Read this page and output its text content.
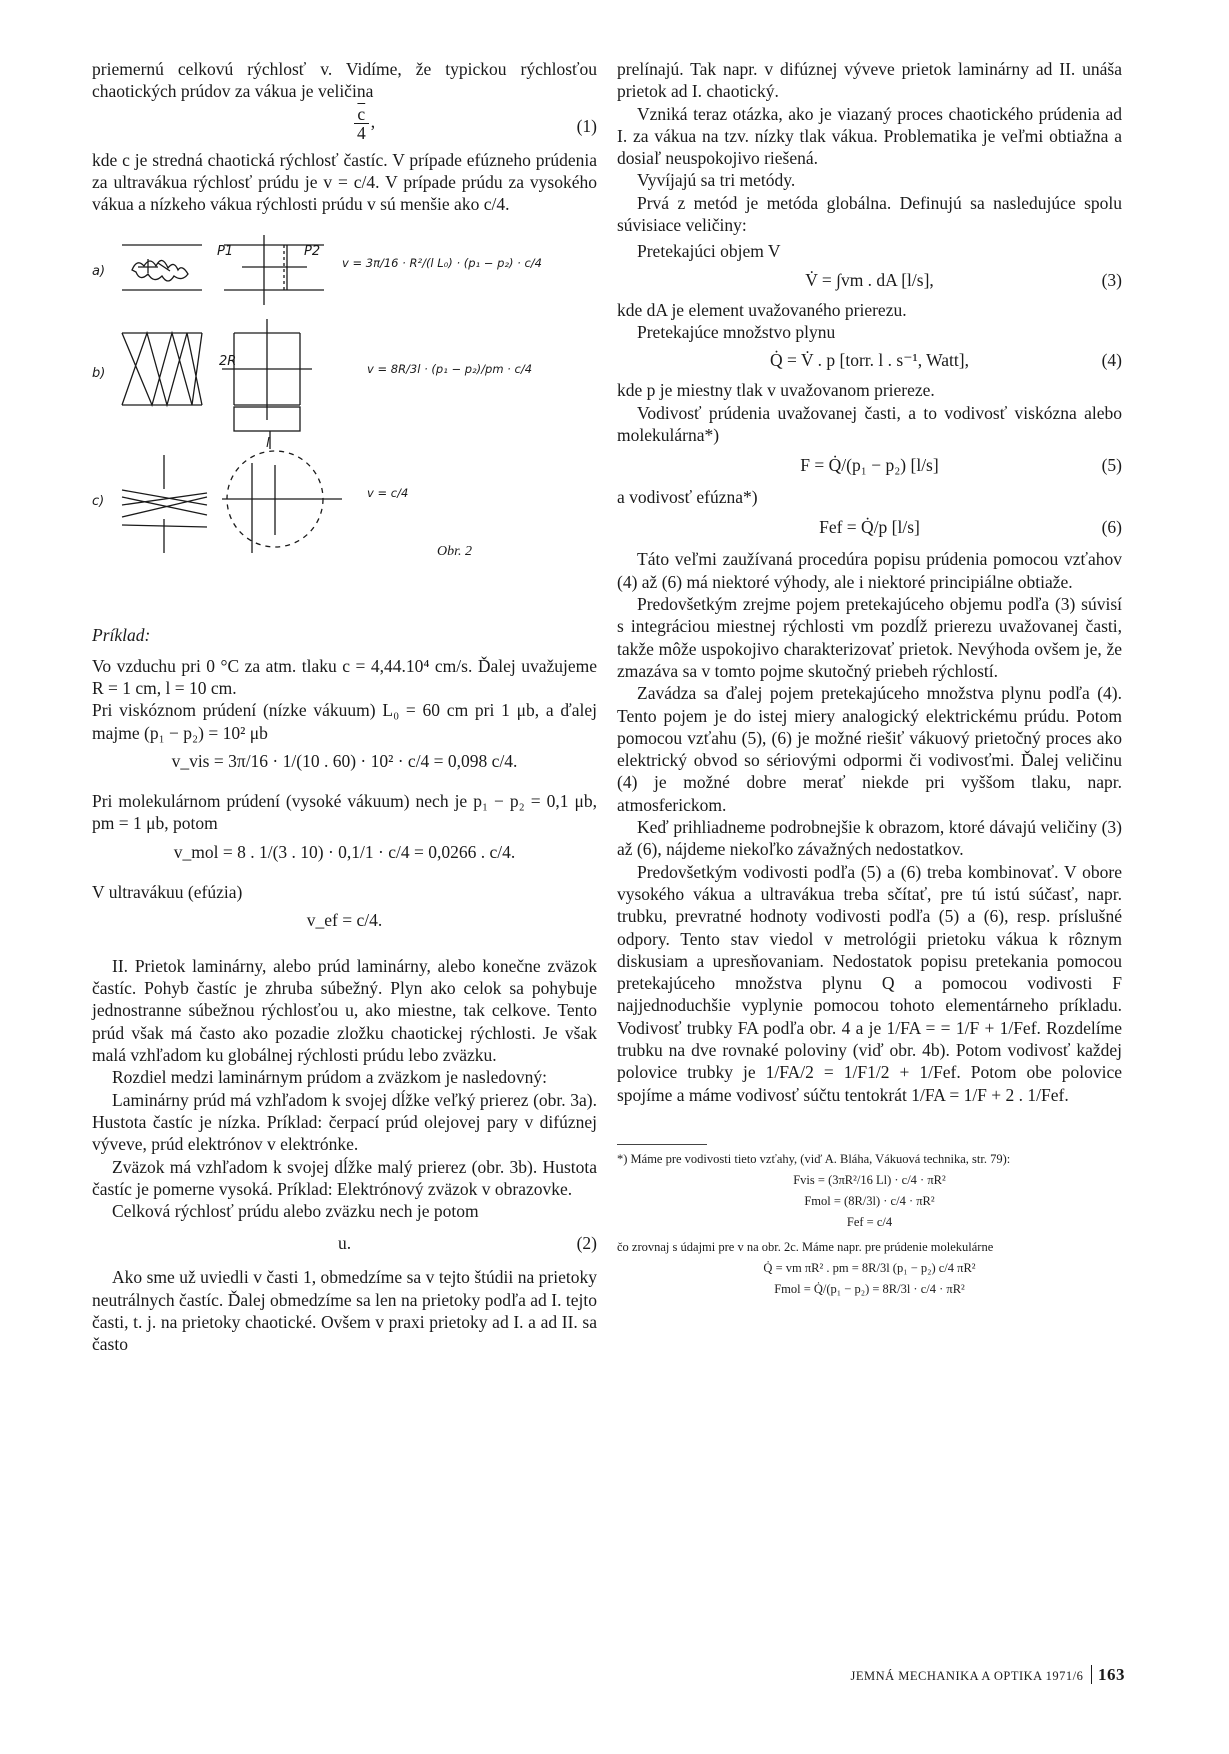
priemernú celkovú rýchlosť v. Vidíme, že typickou rýchlosťou chaotických prúdov za vákua je veličina

$\frac{\overline{c}}{4}$ ,	(1)

kde c je stredná chaotická rýchlosť častíc. V prípade efúzneho prúdenia za ultravákua rýchlosť prúdu je v = c/4. V prípade prúdu za vysokého vákua a nízkeho vákua rýchlosti prúdu v sú menšie ako c/4.

a)
b)
c)
P1	P2
l
2R
v = 3π/16 · R²/(l L₀) · (p₁ − p₂) · c/4
v = 8R/3l · (p₁ − p₂)/pm · c/4
v = c/4
Obr. 2

Príklad:

Vo vzduchu pri 0 °C za atm. tlaku c = 4,44.10⁴ cm/s. Ďalej uvažujeme R = 1 cm, l = 10 cm.

Pri viskóznom prúdení (nízke vákuum) L₀ = 60 cm pri 1 μb, a ďalej majme (p₁ − p₂) = 10² μb

v_vis = 3π/16 · 1/(10 . 60) · 10² · c/4 = 0,098 c/4.

Pri molekulárnom prúdení (vysoké vákuum) nech je p₁ − p₂ = 0,1 μb, pm = 1 μb, potom

v_mol = 8 . 1/(3 . 10) · 0,1/1 · c/4 = 0,0266 . c/4.

V ultravákuu (efúzia)

v_ef = c/4.

II. Prietok laminárny, alebo prúd laminárny, alebo konečne zväzok častíc. Pohyb častíc je zhruba súbežný. Plyn ako celok sa pohybuje jednostranne súbežnou rýchlosťou u, ako miestne, tak celkove. Tento prúd však má často ako pozadie zložku chaotickej rýchlosti. Je však malá vzhľadom ku globálnej rýchlosti prúdu lebo zväzku.

Rozdiel medzi laminárnym prúdom a zväzkom je nasledovný:

Laminárny prúd má vzhľadom k svojej dĺžke veľký prierez (obr. 3a). Hustota častíc je nízka. Príklad: čerpací prúd olejovej pary v difúznej výveve, prúd elektrónov v elektrónke.

Zväzok má vzhľadom k svojej dĺžke malý prierez (obr. 3b). Hustota častíc je pomerne vysoká. Príklad: Elektrónový zväzok v obrazovke.

Celková rýchlosť prúdu alebo zväzku nech je potom

u.	(2)

Ako sme už uviedli v časti 1, obmedzíme sa v tejto štúdii na prietoky neutrálnych častíc. Ďalej obmedzíme sa len na prietoky podľa ad I. tejto časti, t. j. na prietoky chaotické. Ovšem v praxi prietoky ad I. a ad II. sa často

prelínajú. Tak napr. v difúznej výveve prietok laminárny ad II. unáša prietok ad I. chaotický.

Vzniká teraz otázka, ako je viazaný proces chaotického prúdenia ad I. za vákua na tzv. nízky tlak vákua. Problematika je veľmi obtiažna a dosiaľ neuspokojivo riešená.

Vyvíjajú sa tri metódy.

Prvá z metód je metóda globálna. Definujú sa nasledujúce spolu súvisiace veličiny:

Pretekajúci objem V

V̇ = ∫vm . dA [l/s],	(3)

kde dA je element uvažovaného prierezu.

Pretekajúce množstvo plynu

Q̇ = V̇ . p [torr. l . s⁻¹, Watt],	(4)

kde p je miestny tlak v uvažovanom priereze.

Vodivosť prúdenia uvažovanej časti, a to vodivosť viskózna alebo molekulárna*)

F = Q̇/(p₁ − p₂) [l/s]	(5)

a vodivosť efúzna*)

Fef = Q̇/p [l/s]	(6)

Táto veľmi zaužívaná procedúra popisu prúdenia pomocou vzťahov (4) až (6) má niektoré výhody, ale i niektoré principiálne obtiaže.

Predovšetkým zrejme pojem pretekajúceho objemu podľa (3) súvisí s integráciou miestnej rýchlosti vm pozdĺž prierezu uvažovanej časti, takže môže uspokojivo charakterizovať prietok. Nevýhoda ovšem je, že zmazáva sa v tomto pojme skutočný priebeh rýchlostí.

Zavádza sa ďalej pojem pretekajúceho množstva plynu podľa (4). Tento pojem je do istej miery analogický elektrickému prúdu. Potom pomocou vzťahu (5), (6) je možné riešiť vákuový prietočný proces ako elektrický obvod so sériovými odpormi či vodivosťmi. Ďalej veličinu (4) je možné dobre merať niekde pri vyššom tlaku, napr. atmosferickom.

Keď prihliadneme podrobnejšie k obrazom, ktoré dávajú veličiny (3) až (6), nájdeme niekoľko závažných nedostatkov.

Predovšetkým vodivosti podľa (5) a (6) treba kombinovať. V obore vysokého vákua a ultravákua treba sčítať, pre tú istú súčasť, napr. trubku, prevratné hodnoty vodivosti podľa (5) a (6), resp. príslušné odpory. Tento stav viedol v metrológii prietoku vákua k rôznym diskusiam a upresňovaniam. Nedostatok popisu pretekania pomocou pretekajúceho množstva plynu Q a pomocou vodivosti F najjednoduchšie vyplynie pomocou tohoto elementárneho príkladu. Vodivosť trubky FA podľa obr. 4 a je 1/FA = = 1/F + 1/Fef. Rozdelíme trubku na dve rovnaké poloviny (viď obr. 4b). Potom vodivosť každej polovice trubky je 1/FA/2 = 1/F1/2 + 1/Fef. Potom obe polovice spojíme a máme vodivosť súčtu tentokrát 1/FA = 1/F + 2 . 1/Fef.

*) Máme pre vodivosti tieto vzťahy, (viď A. Bláha, Vákuová technika, str. 79):

Fvis = (3πR²/16 Ll) · c/4 · πR²
Fmol = (8R/3l) · c/4 · πR²
Fef = c/4

čo zrovnaj s údajmi pre v na obr. 2c. Máme napr. pre prúdenie molekulárne

Q̇ = vm πR² . pm = 8R/3l (p₁ − p₂) c/4 πR²
Fmol = Q̇/(p₁ − p₂) = 8R/3l · c/4 · πR²
JEMNÁ MECHANIKA A OPTIKA 1971/6 163
